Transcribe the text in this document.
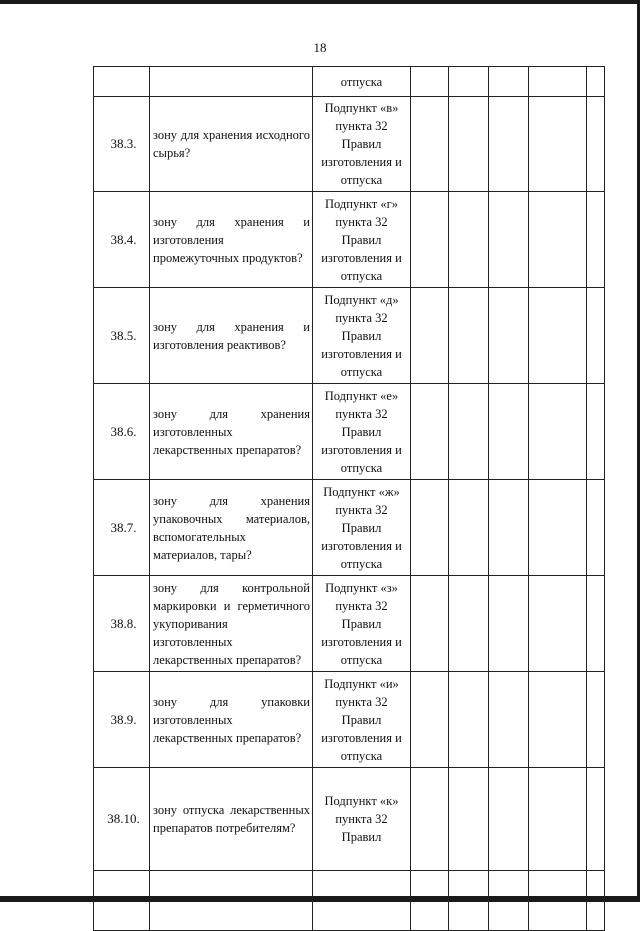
18
		отпуска					
38.3.	зону для хранения исходного сырья?	Подпункт «в» пункта 32 Правил изготовления и отпуска					
38.4.	зону для хранения и изготовления промежуточных продуктов?	Подпункт «г» пункта 32 Правил изготовления и отпуска					
38.5.	зону для хранения и изготовления реактивов?	Подпункт «д» пункта 32 Правил изготовления и отпуска					
38.6.	зону для хранения изготовленных лекарственных препаратов?	Подпункт «е» пункта 32 Правил изготовления и отпуска					
38.7.	зону для хранения упаковочных материалов, вспомогательных материалов, тары?	Подпункт «ж» пункта 32 Правил изготовления и отпуска					
38.8.	зону для контрольной маркировки и герметичного укупоривания изготовленных лекарственных препаратов?	Подпункт «з» пункта 32 Правил изготовления и отпуска					
38.9.	зону для упаковки изготовленных лекарственных препаратов?	Подпункт «и» пункта 32 Правил изготовления и отпуска					
38.10.	зону отпуска лекарственных препаратов потребителям?	Подпункт «к» пункта 32 Правил					
